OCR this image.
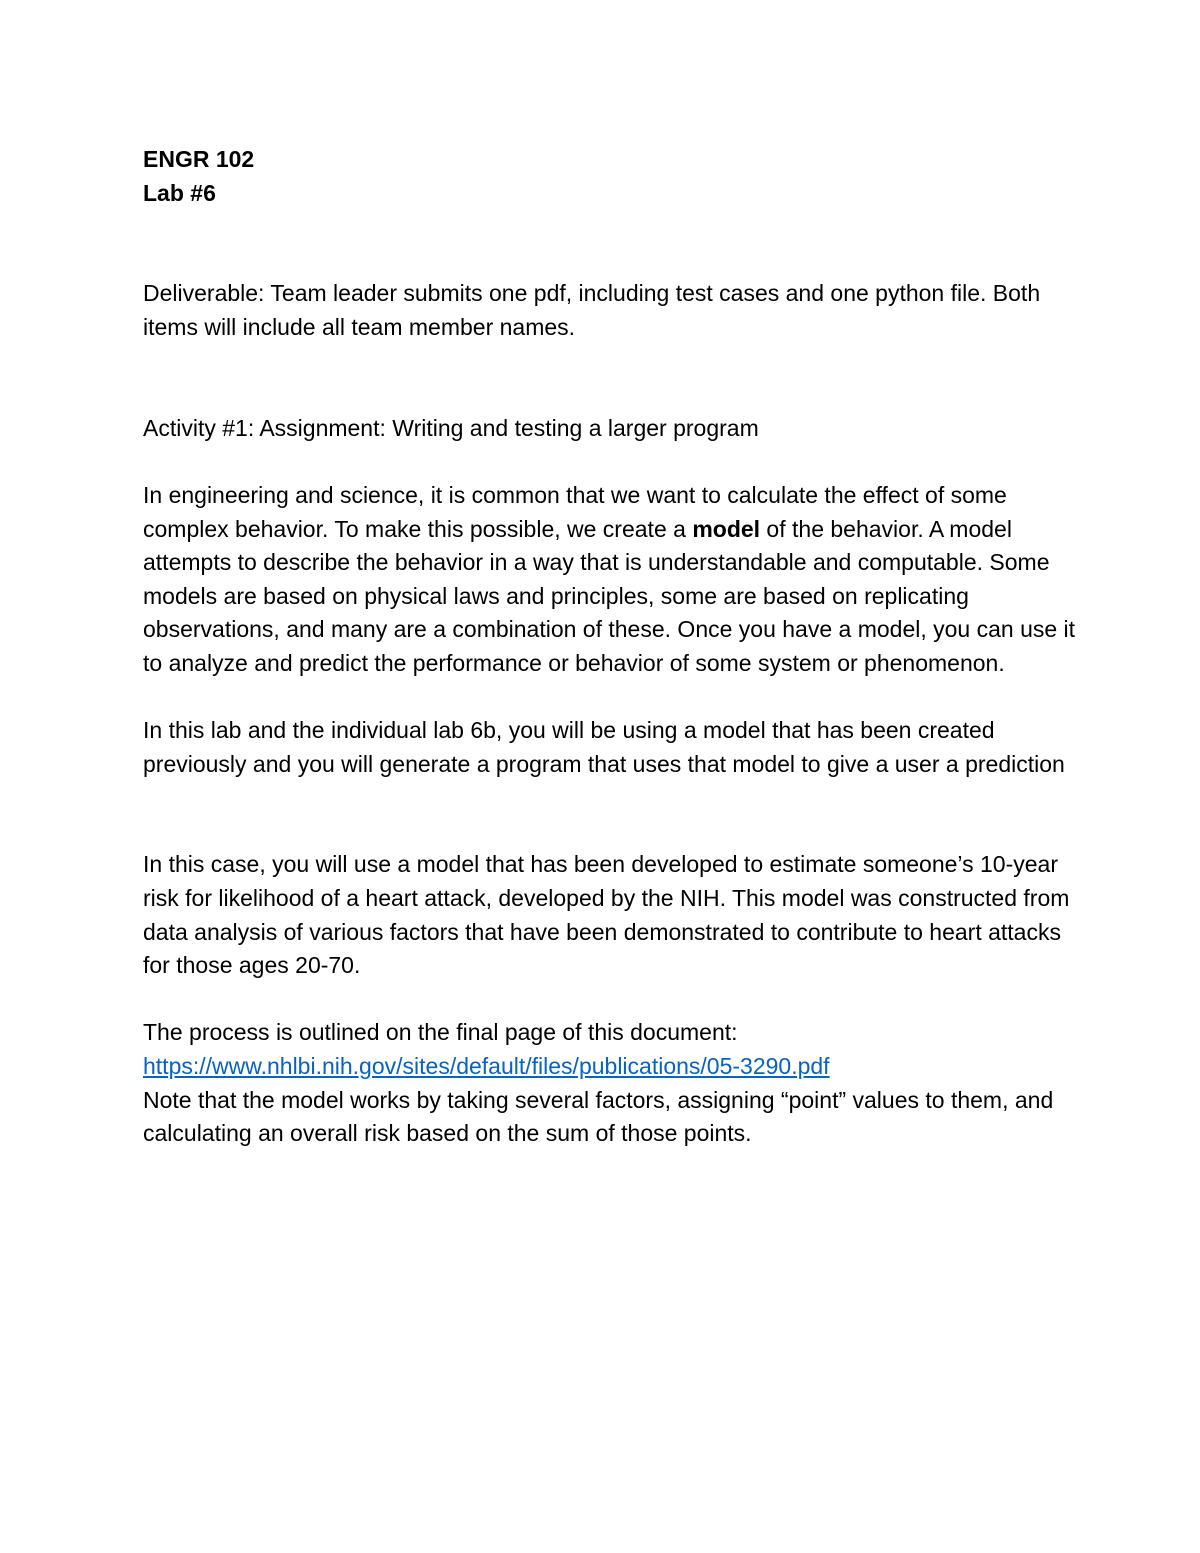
ENGR 102

Lab #6

Deliverable: Team leader submits one pdf, including test cases and one python file. Both items will include all team member names.

Activity #1: Assignment: Writing and testing a larger program

In engineering and science, it is common that we want to calculate the effect of some complex behavior. To make this possible, we create a model of the behavior. A model attempts to describe the behavior in a way that is understandable and computable. Some models are based on physical laws and principles, some are based on replicating observations, and many are a combination of these. Once you have a model, you can use it to analyze and predict the performance or behavior of some system or phenomenon.

In this lab and the individual lab 6b, you will be using a model that has been created previously and you will generate a program that uses that model to give a user a prediction

In this case, you will use a model that has been developed to estimate someone’s 10-year risk for likelihood of a heart attack, developed by the NIH. This model was constructed from data analysis of various factors that have been demonstrated to contribute to heart attacks for those ages 20-70.

The process is outlined on the final page of this document:

https://www.nhlbi.nih.gov/sites/default/files/publications/05-3290.pdf

Note that the model works by taking several factors, assigning “point” values to them, and calculating an overall risk based on the sum of those points.
